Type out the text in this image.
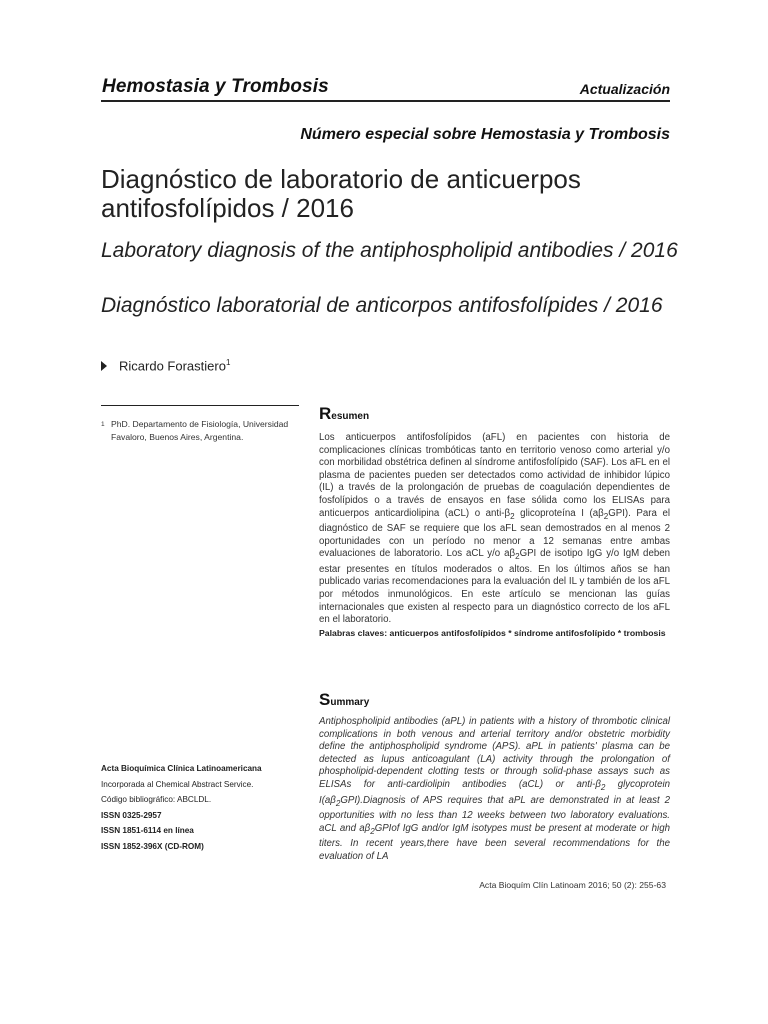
Hemostasia y Trombosis	Actualización
Número especial sobre Hemostasia y Trombosis
Diagnóstico de laboratorio de anticuerpos antifosfolípidos / 2016
Laboratory diagnosis of the antiphospholipid antibodies / 2016
Diagnóstico laboratorial de anticorpos antifosfolípides / 2016
Ricardo Forastiero$^1$
1 PhD. Departamento de Fisiología, Universidad Favaloro, Buenos Aires, Argentina.
Resumen

Los anticuerpos antifosfolípidos (aFL) en pacientes con historia de complicaciones clínicas trombóticas tanto en territorio venoso como arterial y/o con morbilidad obstétrica definen al síndrome antifosfolípido (SAF). Los aFL en el plasma de pacientes pueden ser detectados como actividad de inhibidor lúpico (IL) a través de la prolongación de pruebas de coagulación dependientes de fosfolípidos o a través de ensayos en fase sólida como los ELISAs para anticuerpos anticardiolipina (aCL) o anti-$\beta_2$ glicoproteína I $(a\beta_2GPI)$. Para el diagnóstico de SAF se requiere que los aFL sean demostrados en al menos 2 oportunidades con un período no menor a 12 semanas entre ambas evaluaciones de laboratorio. Los aCL y/o $a\beta_2GPI$ de isotipo IgG y/o IgM deben estar presentes en títulos moderados o altos. En los últimos años se han publicado varias recomendaciones para la evaluación del IL y también de los aFL por métodos inmunológicos. En este artículo se mencionan las guías internacionales que existen al respecto para un diagnóstico correcto de los aFL en el laboratorio.

Palabras claves: anticuerpos antifosfolípidos * síndrome antifosfolípido * trombosis

Summary

Antiphospholipid antibodies (aPL) in patients with a history of thrombotic clinical complications in both venous and arterial territory and/or obstetric morbidity define the antiphospholipid syndrome (APS). aPL in patients' plasma can be detected as lupus anticoagulant (LA) activity through the prolongation of phospholipid-dependent clotting tests or through solid-phase assays such as ELISAs for anti-cardiolipin antibodies (aCL) or anti-$\beta_2$ glycoprotein $I(a\beta_2GPI).Diagnosis$ of APS requires that aPL are demonstrated in at least 2 opportunities with no less than 12 weeks between two laboratory evaluations. aCL and $a\beta_2GPIof$ IgG and/or IgM isotypes must be present at moderate or high titers. In recent years,there have been several recommendations for the evaluation of LA

Acta Bioquímica Clínica Latinoamericana
Incorporada al Chemical Abstract Service.
Código bibliográfico: ABCLDL.
ISSN 0325-2957
ISSN 1851-6114 en línea
ISSN 1852-396X (CD-ROM)
Acta Bioquím Clín Latinoam 2016; 50 (2): 255-63
